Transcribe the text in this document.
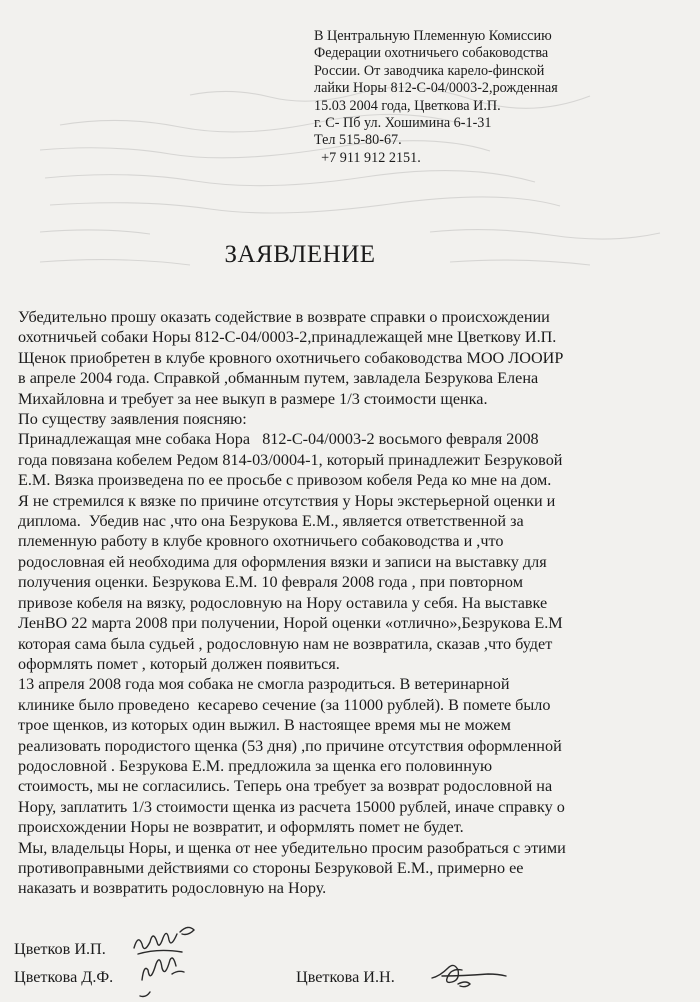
В Центральную Племенную Комиссию
Федерации охотничьего собаководства
России. От заводчика карело-финской
лайки Норы 812-С-04/0003-2,рожденная
15.03 2004 года, Цветкова И.П.
г. С- Пб ул. Хошимина 6-1-31
Тел 515-80-67.
+7 911 912 2151.
ЗАЯВЛЕНИЕ
Убедительно прошу оказать содействие в возврате справки о происхождении
охотничьей собаки Норы 812-С-04/0003-2,принадлежащей мне Цветкову И.П.
Щенок приобретен в клубе кровного охотничьего собаководства МОО ЛООИР
в апреле 2004 года. Справкой ,обманным путем, завладела Безрукова Елена
Михайловна и требует за нее выкуп в размере 1/3 стоимости щенка.
По существу заявления поясняю:
Принадлежащая мне собака Нора   812-С-04/0003-2 восьмого февраля 2008
года повязана кобелем Редом 814-03/0004-1, который принадлежит Безруковой
Е.М. Вязка произведена по ее просьбе с привозом кобеля Реда ко мне на дом.
Я не стремился к вязке по причине отсутствия у Норы экстерьерной оценки и
диплома.  Убедив нас ,что она Безрукова Е.М., является ответственной за
племенную работу в клубе кровного охотничьего собаководства и ,что
родословная ей необходима для оформления вязки и записи на выставку для
получения оценки. Безрукова Е.М. 10 февраля 2008 года , при повторном
привозе кобеля на вязку, родословную на Нору оставила у себя. На выставке
ЛенВО 22 марта 2008 при получении, Норой оценки «отлично»,Безрукова Е.М
которая сама была судьей , родословную нам не возвратила, сказав ,что будет
оформлять помет , который должен появиться.
13 апреля 2008 года моя собака не смогла разродиться. В ветеринарной
клинике было проведено  кесарево сечение (за 11000 рублей). В помете было
трое щенков, из которых один выжил. В настоящее время мы не можем
реализовать породистого щенка (53 дня) ,по причине отсутствия оформленной
родословной . Безрукова Е.М. предложила за щенка его половинную
стоимость, мы не согласились. Теперь она требует за возврат родословной на
Нору, заплатить 1/3 стоимости щенка из расчета 15000 рублей, иначе справку о
происхождении Норы не возвратит, и оформлять помет не будет.
Мы, владельцы Норы, и щенка от нее убедительно просим разобраться с этими
противоправными действиями со стороны Безруковой Е.М., примерно ее
наказать и возвратить родословную на Нору.
Цветков И.П.
Цветкова Д.Ф.	Цветкова И.Н.
